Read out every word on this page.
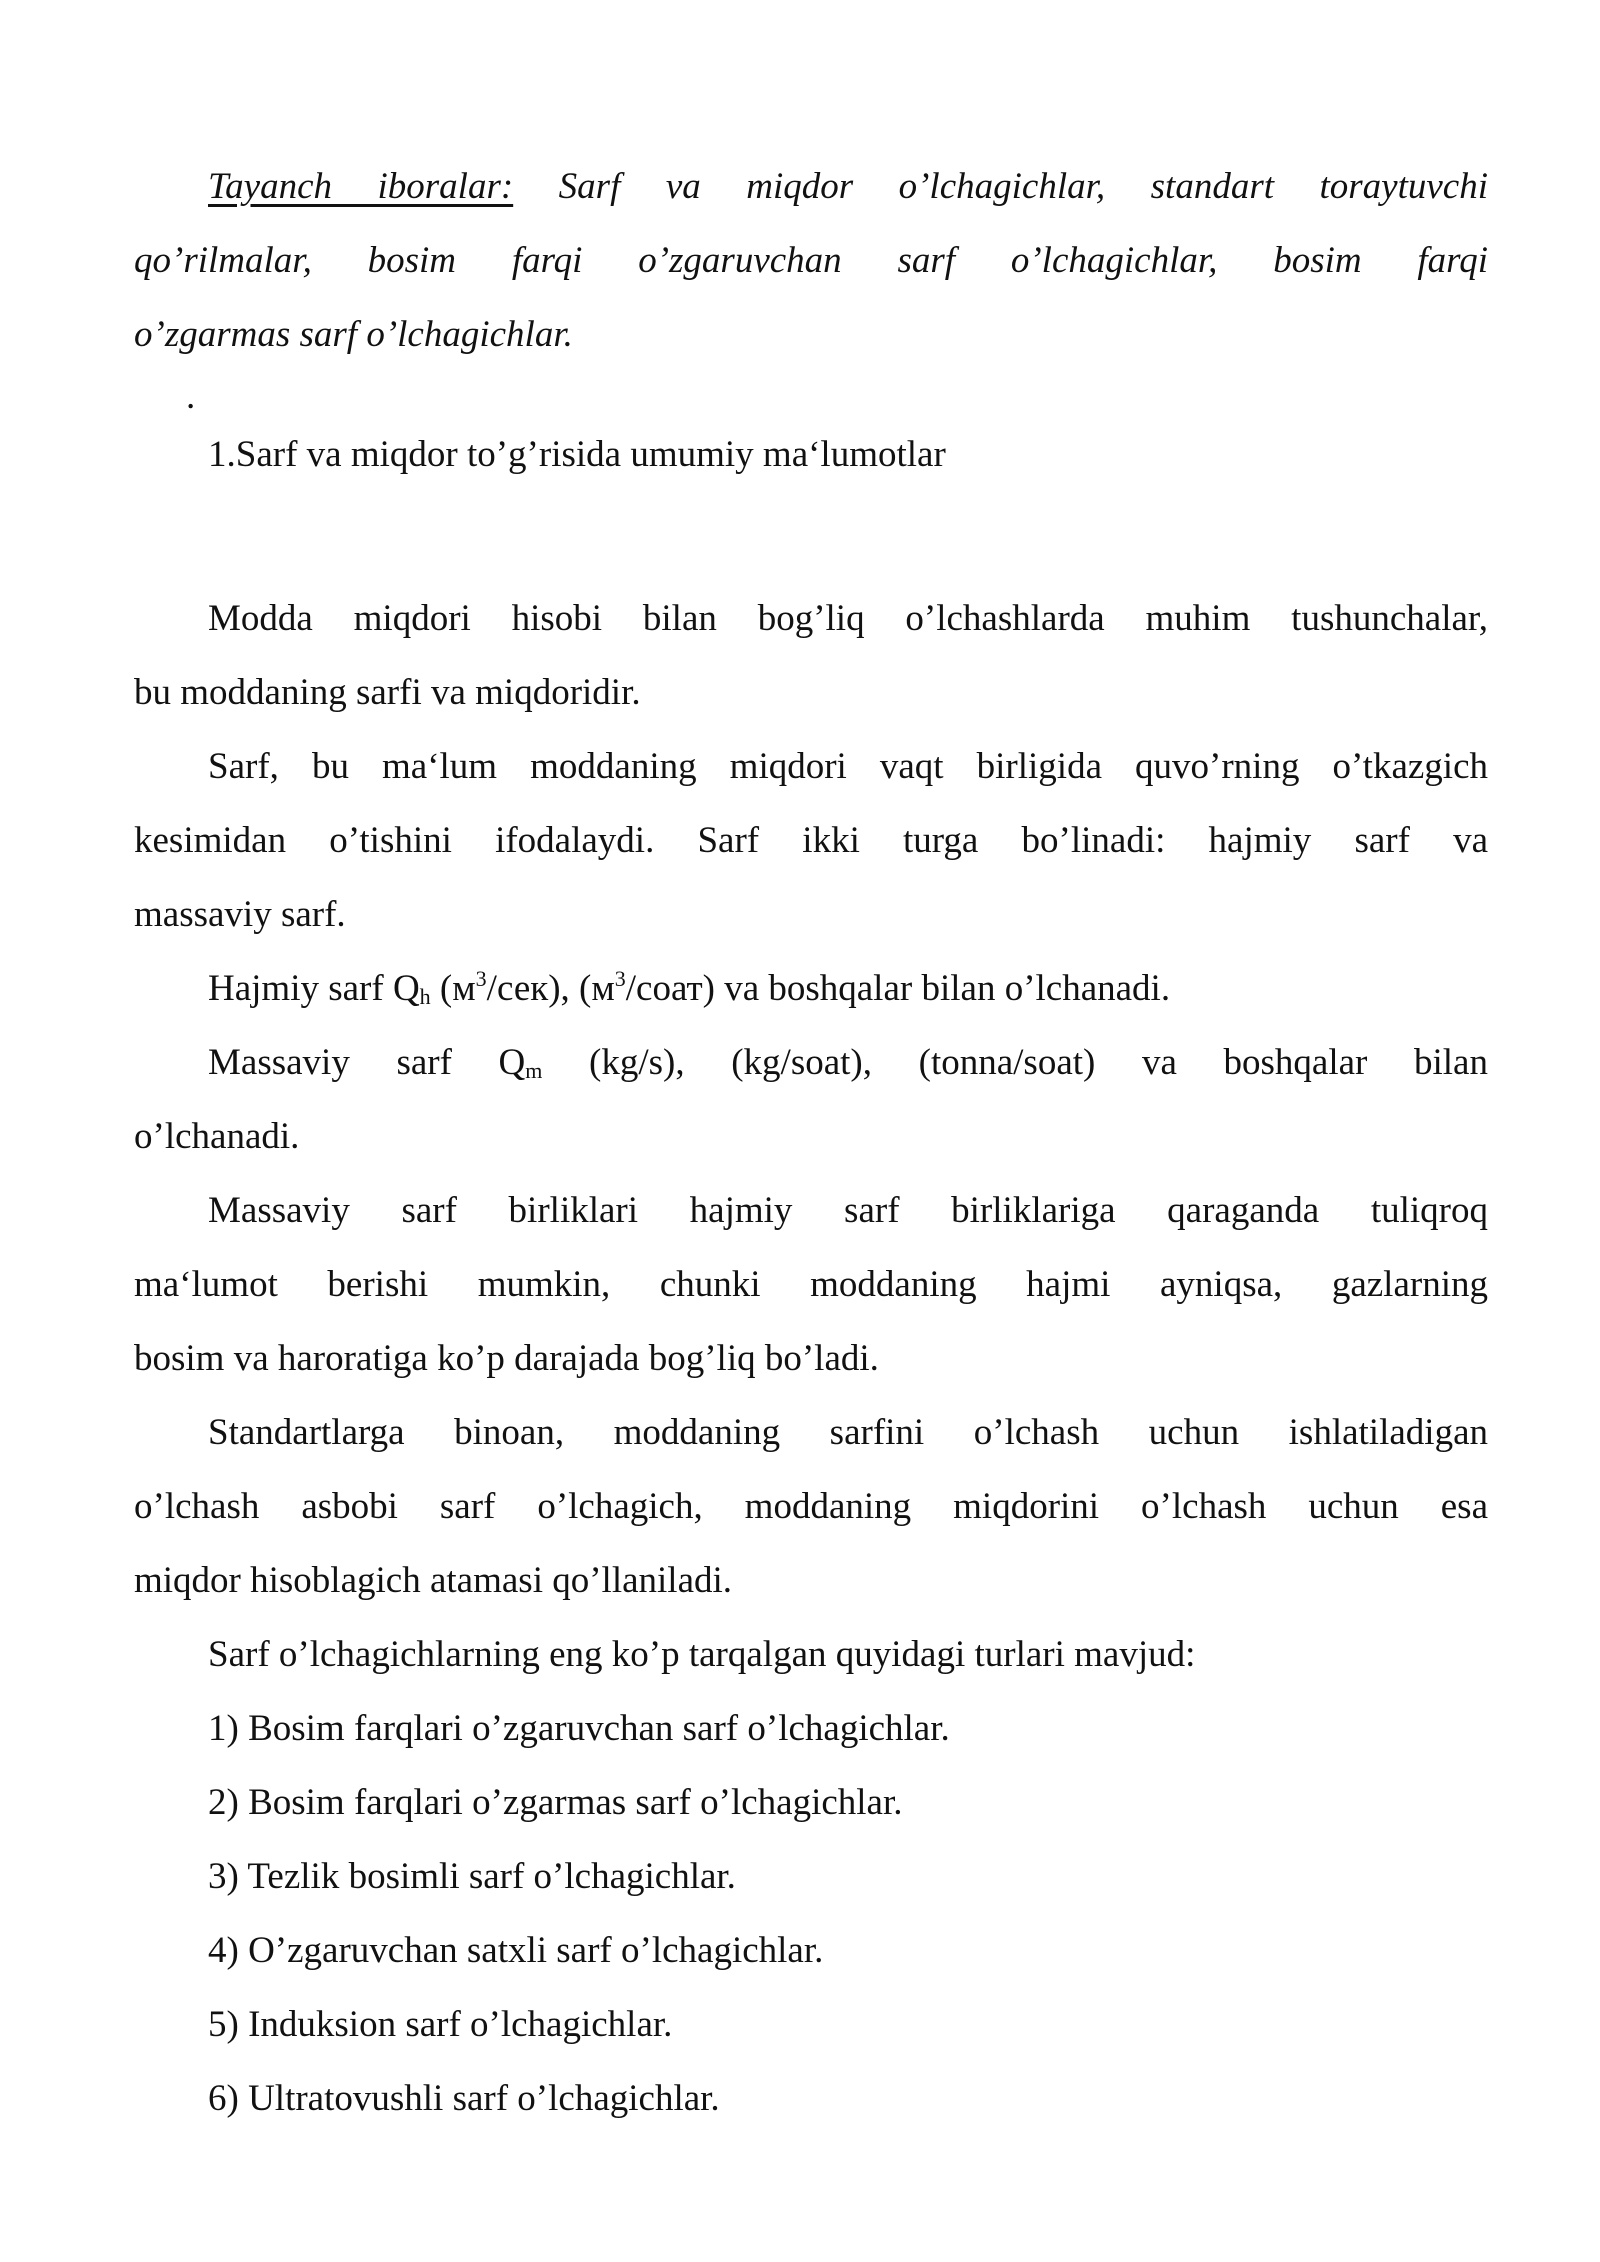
Tayanch iboralar: Sarf va miqdor o’lchagichlar, standart toraytuvchi

qo’rilmalar, bosim farqi o’zgaruvchan sarf o’lchagichlar, bosim farqi

o’zgarmas sarf o’lchagichlar.

.

1.Sarf va miqdor to’g’risida umumiy ma‘lumotlar

Modda miqdori hisobi bilan bog’liq o’lchashlarda muhim tushunchalar,

bu moddaning sarfi va miqdoridir.

Sarf, bu ma‘lum moddaning miqdori vaqt birligida quvo’rning o’tkazgich

kesimidan o’tishini ifodalaydi. Sarf ikki turga bo’linadi: hajmiy sarf va

massaviy sarf.

Hajmiy sarf $Q_h$ $(м^3/сек)$, $(м^3/соат)$ va boshqalar bilan o’lchanadi.

Massaviy sarf $Q_m$ (kg/s), (kg/soat), (tonna/soat) va boshqalar bilan

o’lchanadi.

Massaviy sarf birliklari hajmiy sarf birliklariga qaraganda tuliqroq

ma‘lumot berishi mumkin, chunki moddaning hajmi ayniqsa, gazlarning

bosim va haroratiga ko’p darajada bog’liq bo’ladi.

Standartlarga binoan, moddaning sarfini o’lchash uchun ishlatiladigan

o’lchash asbobi sarf o’lchagich, moddaning miqdorini o’lchash uchun esa

miqdor hisoblagich atamasi qo’llaniladi.

Sarf o’lchagichlarning eng ko’p tarqalgan quyidagi turlari mavjud:

1) Bosim farqlari o’zgaruvchan sarf o’lchagichlar.

2) Bosim farqlari o’zgarmas sarf o’lchagichlar.

3) Tezlik bosimli sarf o’lchagichlar.

4) O’zgaruvchan satxli sarf o’lchagichlar.

5) Induksion sarf o’lchagichlar.

6) Ultratovushli sarf o’lchagichlar.
